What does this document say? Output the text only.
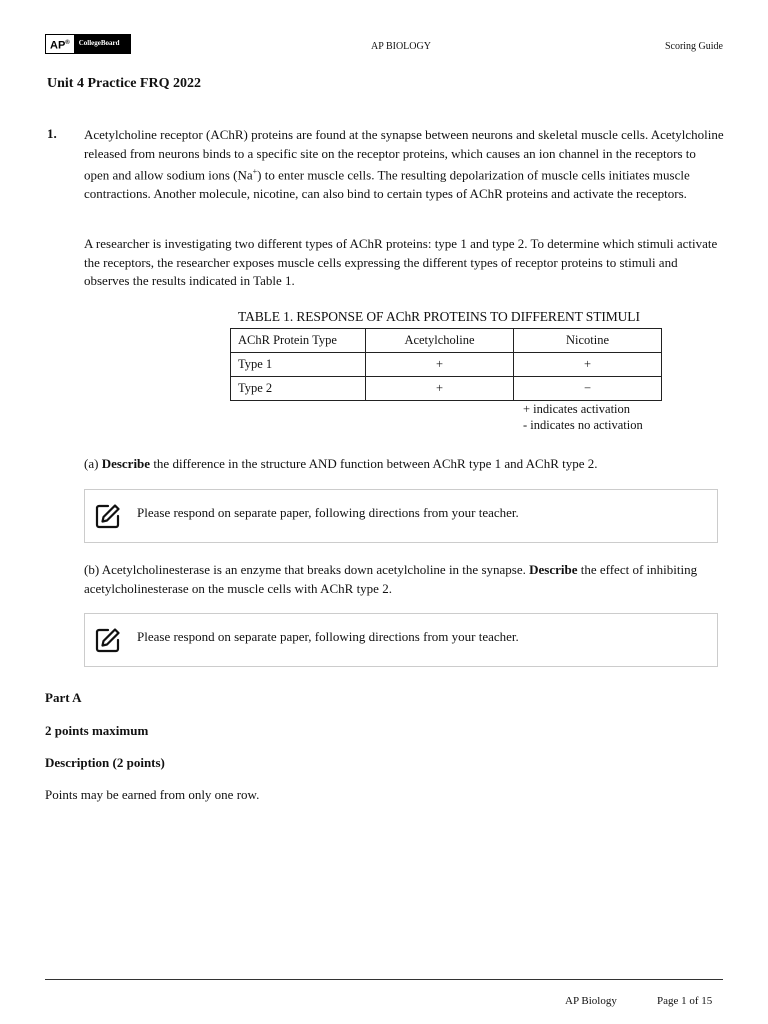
AP®	CollegeBoard	AP BIOLOGY	Scoring Guide
Unit 4 Practice FRQ 2022
1. Acetylcholine receptor (AChR) proteins are found at the synapse between neurons and skeletal muscle cells. Acetylcholine released from neurons binds to a specific site on the receptor proteins, which causes an ion channel in the receptors to open and allow sodium ions (Na+) to enter muscle cells. The resulting depolarization of muscle cells initiates muscle contractions. Another molecule, nicotine, can also bind to certain types of AChR proteins and activate the receptors.
A researcher is investigating two different types of AChR proteins: type 1 and type 2. To determine which stimuli activate the receptors, the researcher exposes muscle cells expressing the different types of receptor proteins to stimuli and observes the results indicated in Table 1.
TABLE 1. RESPONSE OF AChR PROTEINS TO DIFFERENT STIMULI
AChR Protein Type	Acetylcholine	Nicotine
Type 1	+	+
Type 2	+	−
+ indicates activation
- indicates no activation
(a) Describe the difference in the structure AND function between AChR type 1 and AChR type 2.
Please respond on separate paper, following directions from your teacher.
(b) Acetylcholinesterase is an enzyme that breaks down acetylcholine in the synapse. Describe the effect of inhibiting acetylcholinesterase on the muscle cells with AChR type 2.
Please respond on separate paper, following directions from your teacher.
Part A
2 points maximum
Description (2 points)
Points may be earned from only one row.
AP Biology	Page 1 of 15
